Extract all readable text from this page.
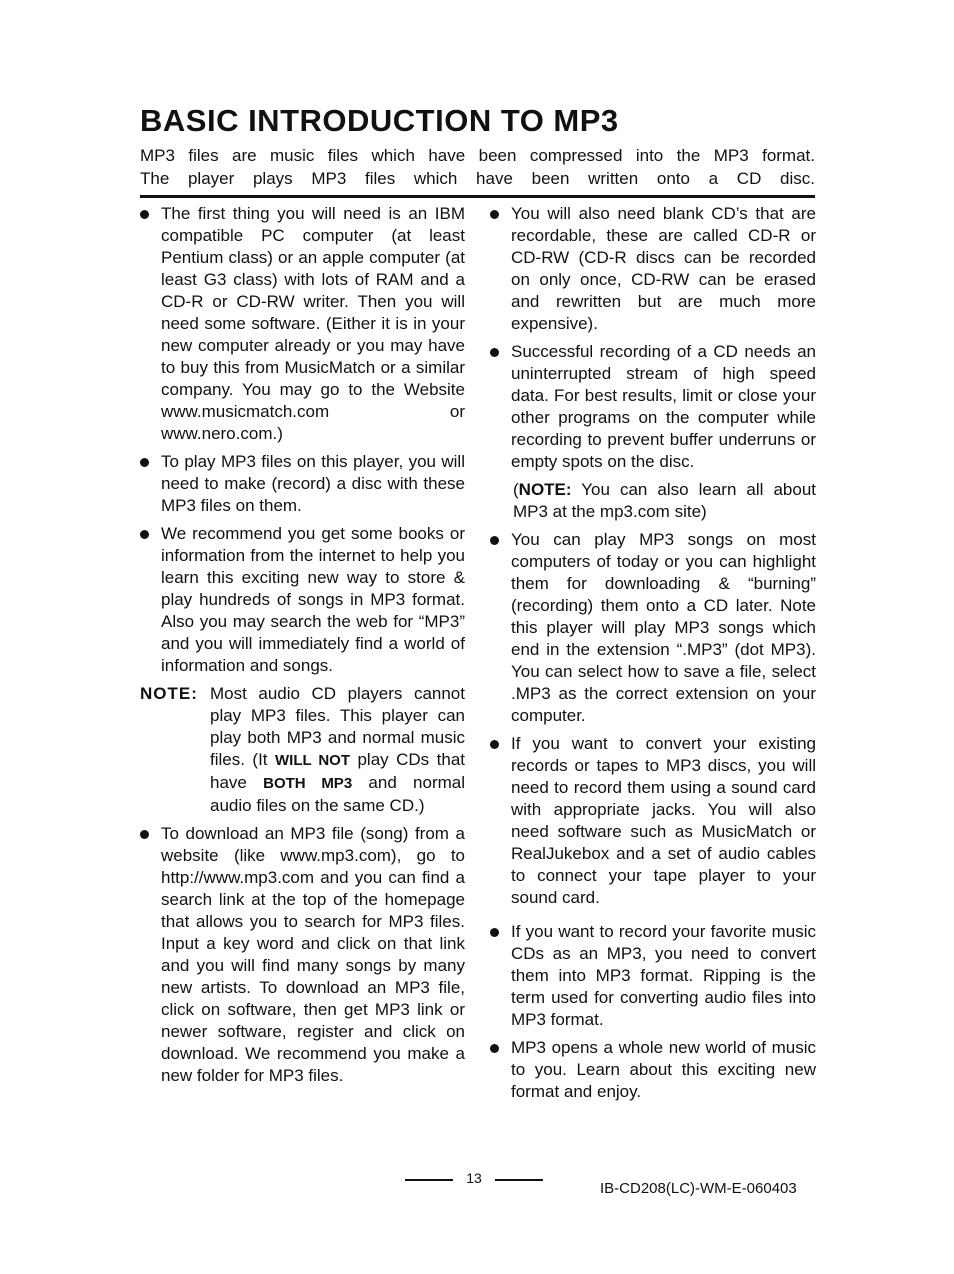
BASIC INTRODUCTION TO MP3

MP3 files are music files which have been compressed into the MP3 format.

The player plays MP3 files which have been written onto a CD disc.

The first thing you will need is an IBM compatible PC computer (at least Pentium class) or an apple computer (at least G3 class) with lots of RAM and a CD-R or CD-RW writer. Then you will need some software. (Either it is in your new computer already or you may have to buy this from MusicMatch or a similar company. You may go to the Website www.musicmatch.com or www.nero.com.)
To play MP3 files on this player, you will need to make (record) a disc with these MP3 files on them.
We recommend you get some books or information from the internet to help you learn this exciting new way to store & play hundreds of songs in MP3 format. Also you may search the web for “MP3” and you will immediately find a world of information and songs.
NOTE: Most audio CD players cannot play MP3 files. This player can play both MP3 and normal music files. (It WILL NOT play CDs that have BOTH MP3 and normal audio files on the same CD.)
To download an MP3 file (song) from a website (like www.mp3.com), go to http://www.mp3.com and you can find a search link at the top of the homepage that allows you to search for MP3 files. Input a key word and click on that link and you will find many songs by many new artists. To download an MP3 file, click on software, then get MP3 link or newer software, register and click on download. We recommend you make a new folder for MP3 files.
You will also need blank CD’s that are recordable, these are called CD-R or CD-RW (CD-R discs can be recorded on only once, CD-RW can be erased and rewritten but are much more expensive).
Successful recording of a CD needs an uninterrupted stream of high speed data. For best results, limit or close your other programs on the computer while recording to prevent buffer underruns or empty spots on the disc.
(NOTE: You can also learn all about MP3 at the mp3.com site)
You can play MP3 songs on most computers of today or you can highlight them for downloading & “burning” (recording) them onto a CD later. Note this player will play MP3 songs which end in the extension “.MP3” (dot MP3). You can select how to save a file, select .MP3 as the correct extension on your computer.
If you want to convert your existing records or tapes to MP3 discs, you will need to record them using a sound card with appropriate jacks. You will also need software such as MusicMatch or RealJukebox and a set of audio cables to connect your tape player to your sound card.
If you want to record your favorite music CDs as an MP3, you need to convert them into MP3 format. Ripping is the term used for converting audio files into MP3 format.
MP3 opens a whole new world of music to you. Learn about this exciting new format and enjoy.
13
IB-CD208(LC)-WM-E-060403
